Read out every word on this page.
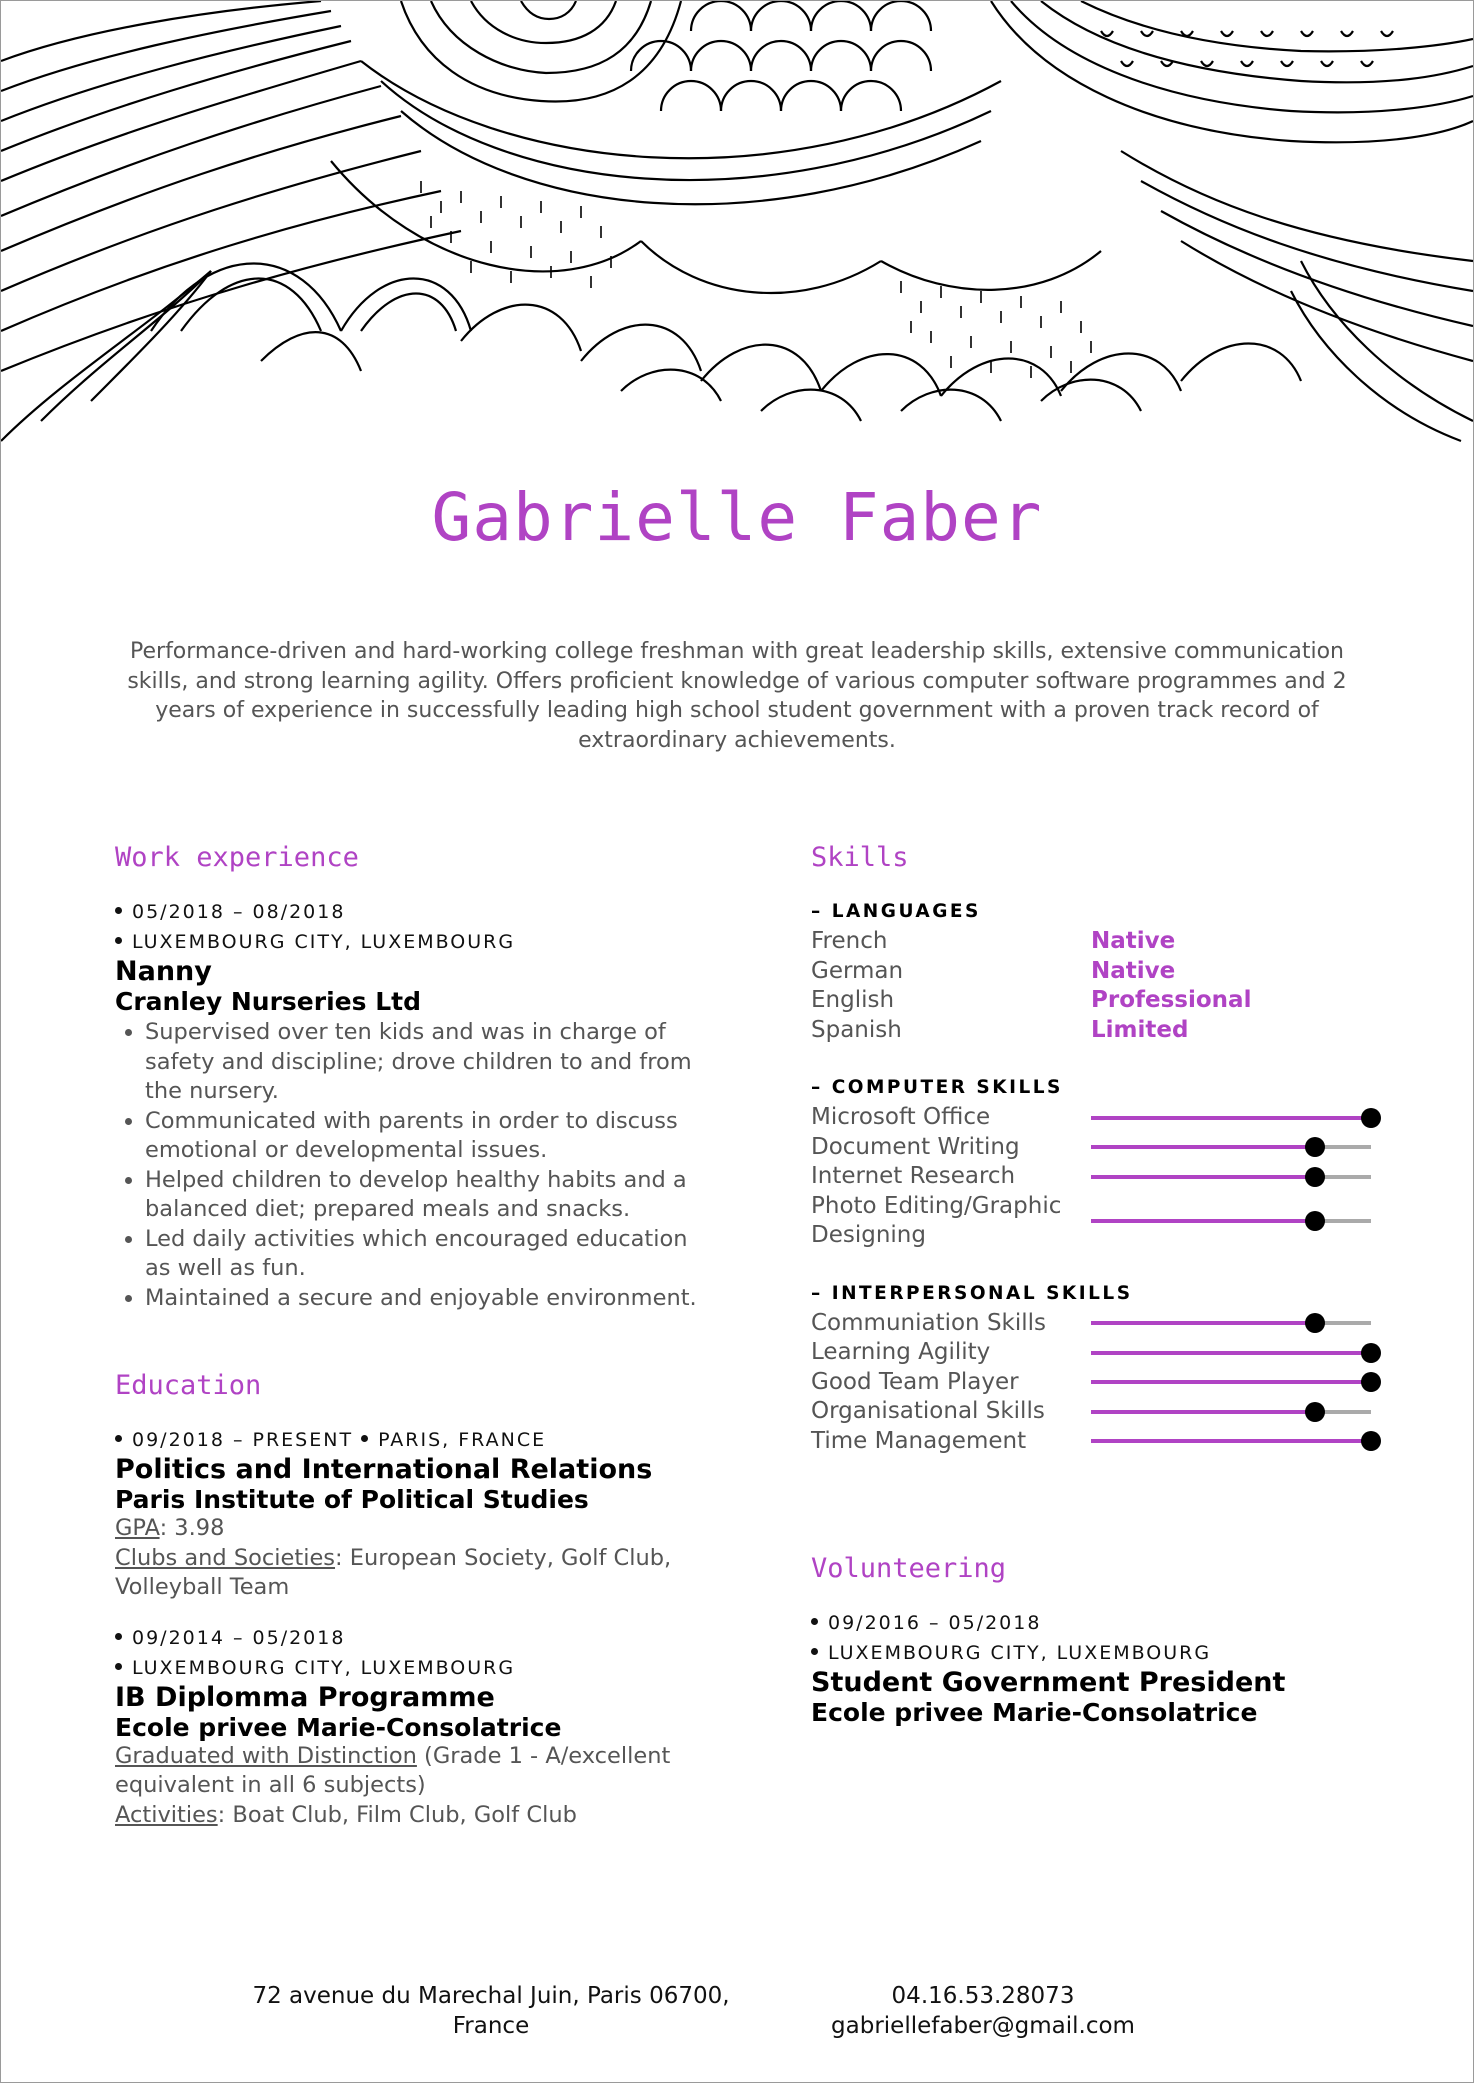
Gabrielle Faber
Performance-driven and hard-working college freshman with great leadership skills, extensive communication skills, and strong learning agility. Offers proficient knowledge of various computer software programmes and 2 years of experience in successfully leading high school student government with a proven track record of extraordinary achievements.
Work experience
05/2018 – 08/2018
LUXEMBOURG CITY, LUXEMBOURG
Nanny
Cranley Nurseries Ltd
• Supervised over ten kids and was in charge of safety and discipline; drove children to and from the nursery.
• Communicated with parents in order to discuss emotional or developmental issues.
• Helped children to develop healthy habits and a balanced diet; prepared meals and snacks.
• Led daily activities which encouraged education as well as fun.
• Maintained a secure and enjoyable environment.
Education
09/2018 – PRESENT PARIS, FRANCE
Politics and International Relations
Paris Institute of Political Studies
GPA: 3.98
Clubs and Societies: European Society, Golf Club, Volleyball Team
09/2014 – 05/2018
LUXEMBOURG CITY, LUXEMBOURG
IB Diplomma Programme
Ecole privee Marie-Consolatrice
Graduated with Distinction (Grade 1 - A/excellent equivalent in all 6 subjects)
Activities: Boat Club, Film Club, Golf Club
Skills
– LANGUAGES
French	Native
German	Native
English	Professional
Spanish	Limited
– COMPUTER SKILLS
Microsoft Office
Document Writing
Internet Research
Photo Editing/Graphic Designing
– INTERPERSONAL SKILLS
Communiation Skills
Learning Agility
Good Team Player
Organisational Skills
Time Management
Volunteering
09/2016 – 05/2018
LUXEMBOURG CITY, LUXEMBOURG
Student Government President
Ecole privee Marie-Consolatrice
72 avenue du Marechal Juin, Paris 06700,
France
04.16.53.28073
gabriellefaber@gmail.com
